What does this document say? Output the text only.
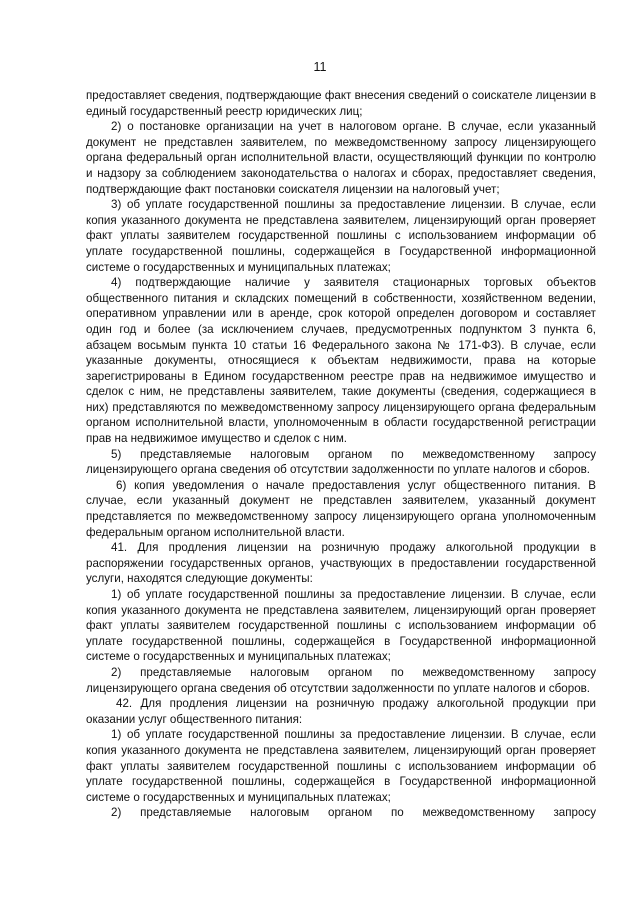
11

предоставляет сведения, подтверждающие факт внесения сведений о соискателе лицензии в единый государственный реестр юридических лиц;

2) о постановке организации на учет в налоговом органе. В случае, если указанный документ не представлен заявителем, по межведомственному запросу лицензирующего органа федеральный орган исполнительной власти, осуществляющий функции по контролю и надзору за соблюдением законодательства о налогах и сборах, предоставляет сведения, подтверждающие факт постановки соискателя лицензии на налоговый учет;

3) об уплате государственной пошлины за предоставление лицензии. В случае, если копия указанного документа не представлена заявителем, лицензирующий орган проверяет факт уплаты заявителем государственной пошлины с использованием информации об уплате государственной пошлины, содержащейся в Государственной информационной системе о государственных и муниципальных платежах;

4) подтверждающие наличие у заявителя стационарных торговых объектов общественного питания и складских помещений в собственности, хозяйственном ведении, оперативном управлении или в аренде, срок которой определен договором и составляет один год и более (за исключением случаев, предусмотренных подпунктом 3 пункта 6, абзацем восьмым пункта 10 статьи 16 Федерального закона № 171-ФЗ). В случае, если указанные документы, относящиеся к объектам недвижимости, права на которые зарегистрированы в Едином государственном реестре прав на недвижимое имущество и сделок с ним, не представлены заявителем, такие документы (сведения, содержащиеся в них) представляются по межведомственному запросу лицензирующего органа федеральным органом исполнительной власти, уполномоченным в области государственной регистрации прав на недвижимое имущество и сделок с ним.

5) представляемые налоговым органом по межведомственному запросу лицензирующего органа сведения об отсутствии задолженности по уплате налогов и сборов.

6) копия уведомления о начале предоставления услуг общественного питания. В случае, если указанный документ не представлен заявителем, указанный документ представляется по межведомственному запросу лицензирующего органа уполномоченным федеральным органом исполнительной власти.

41. Для продления лицензии на розничную продажу алкогольной продукции в распоряжении государственных органов, участвующих в предоставлении государственной услуги, находятся следующие документы:

1) об уплате государственной пошлины за предоставление лицензии. В случае, если копия указанного документа не представлена заявителем, лицензирующий орган проверяет факт уплаты заявителем государственной пошлины с использованием информации об уплате государственной пошлины, содержащейся в Государственной информационной системе о государственных и муниципальных платежах;

2) представляемые налоговым органом по межведомственному запросу лицензирующего органа сведения об отсутствии задолженности по уплате налогов и сборов.

42. Для продления лицензии на розничную продажу алкогольной продукции при оказании услуг общественного питания:

1) об уплате государственной пошлины за предоставление лицензии. В случае, если копия указанного документа не представлена заявителем, лицензирующий орган проверяет факт уплаты заявителем государственной пошлины с использованием информации об уплате государственной пошлины, содержащейся в Государственной информационной системе о государственных и муниципальных платежах;

2) представляемые налоговым органом по межведомственному запросу
